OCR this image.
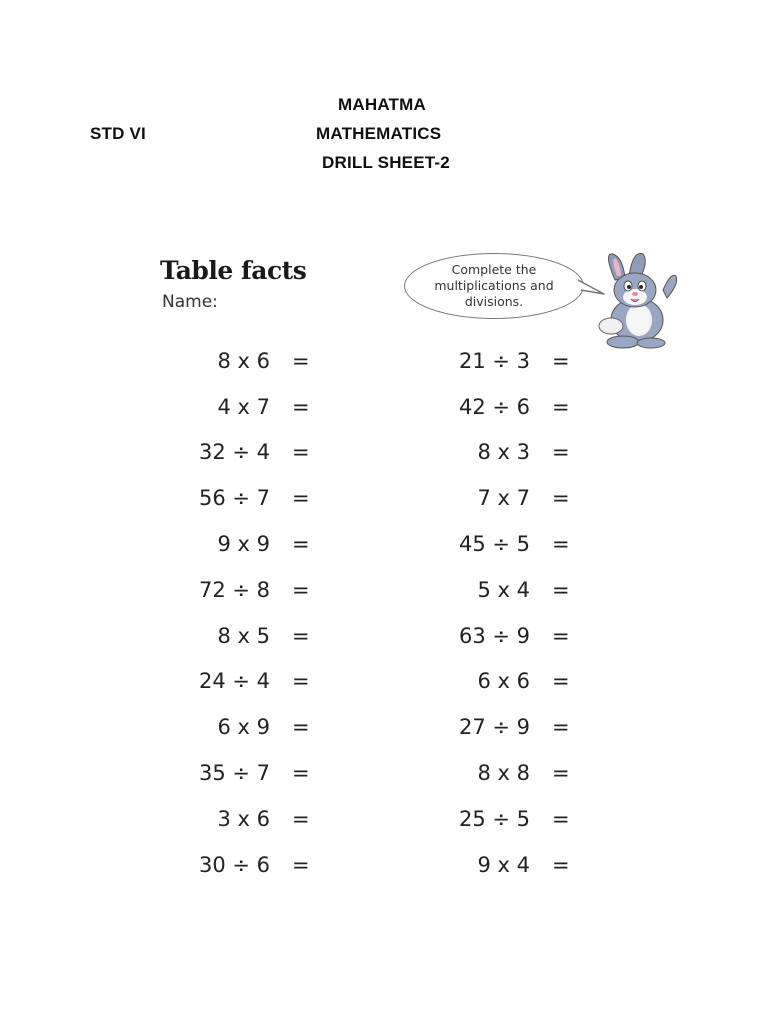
MAHATMA
STD VI	MATHEMATICS
DRILL SHEET-2
Table facts
Name:
Complete the multiplications and divisions.
8 x 6 =
4 x 7 =
32 ÷ 4 =
56 ÷ 7 =
9 x 9 =
72 ÷ 8 =
8 x 5 =
24 ÷ 4 =
6 x 9 =
35 ÷ 7 =
3 x 6 =
30 ÷ 6 =
21 ÷ 3 =
42 ÷ 6 =
8 x 3 =
7 x 7 =
45 ÷ 5 =
5 x 4 =
63 ÷ 9 =
6 x 6 =
27 ÷ 9 =
8 x 8 =
25 ÷ 5 =
9 x 4 =
